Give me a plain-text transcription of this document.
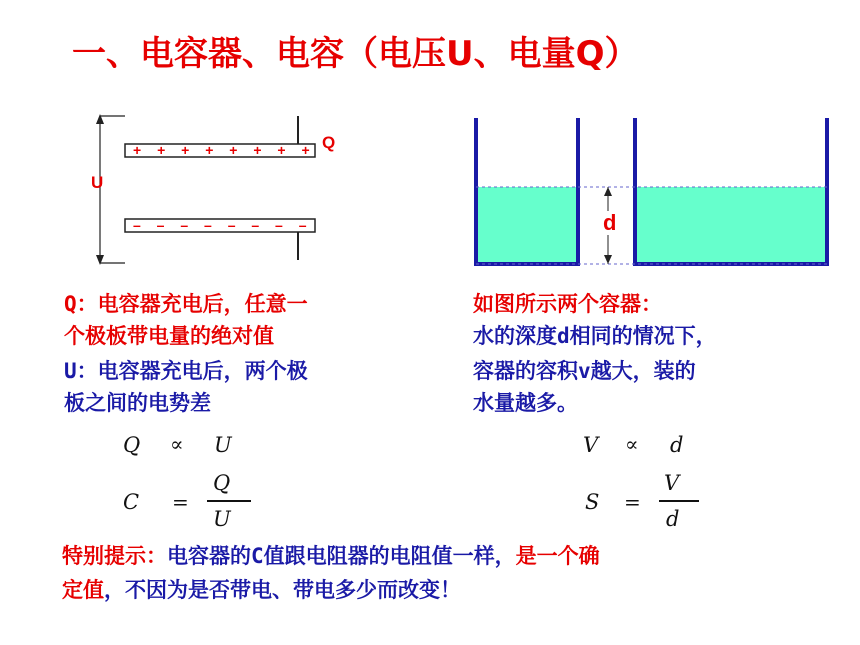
一、电容器、电容（电压U、电量Q）
+ + + + + + + +
– – – – – – – –
Q
U
d
Q：电容器充电后，任意一
个极板带电量的绝对值
U：电容器充电后，两个极
板之间的电势差
如图所示两个容器：
水的深度d相同的情况下，
容器的容积v越大，装的
水量越多。
Q ∝ U
C =
Q
U
V ∝ d
S =
V
d
特别提示：电容器的C值跟电阻器的电阻值一样，是一个确
定值，不因为是否带电、带电多少而改变！
